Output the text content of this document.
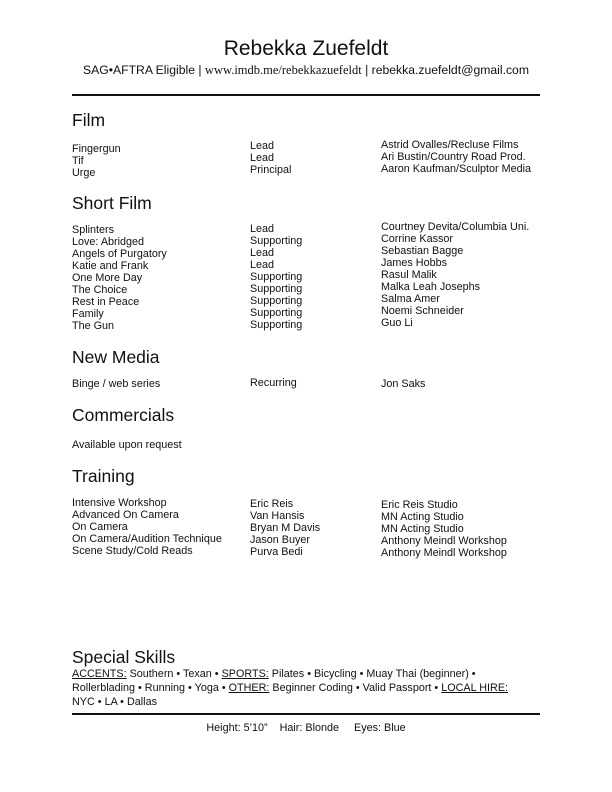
Rebekka Zuefeldt
SAG•AFTRA Eligible | www.imdb.me/rebekkazuefeldt | rebekka.zuefeldt@gmail.com
Film
Fingergun
Tif
Urge
Lead
Lead
Principal
Astrid Ovalles/Recluse Films
Ari Bustin/Country Road Prod.
Aaron Kaufman/Sculptor Media
Short Film
Splinters
Love: Abridged
Angels of Purgatory
Katie and Frank
One More Day
The Choice
Rest in Peace
Family
The Gun
Lead
Supporting
Lead
Lead
Supporting
Supporting
Supporting
Supporting
Supporting
Courtney Devita/Columbia Uni.
Corrine Kassor
Sebastian Bagge
James Hobbs
Rasul Malik
Malka Leah Josephs
Salma Amer
Noemi Schneider
Guo Li
New Media
Binge / web series	Recurring	Jon Saks
Commercials
Available upon request
Training
Intensive Workshop
Advanced On Camera
On Camera
On Camera/Audition Technique
Scene Study/Cold Reads
Eric Reis
Van Hansis
Bryan M Davis
Jason Buyer
Purva Bedi
Eric Reis Studio
MN Acting Studio
MN Acting Studio
Anthony Meindl Workshop
Anthony Meindl Workshop
Special Skills
ACCENTS: Southern • Texan • SPORTS: Pilates • Bicycling • Muay Thai (beginner) •
Rollerblading • Running • Yoga • OTHER: Beginner Coding • Valid Passport • LOCAL HIRE:
NYC • LA • Dallas
Height: 5’10”    Hair: Blonde     Eyes: Blue
